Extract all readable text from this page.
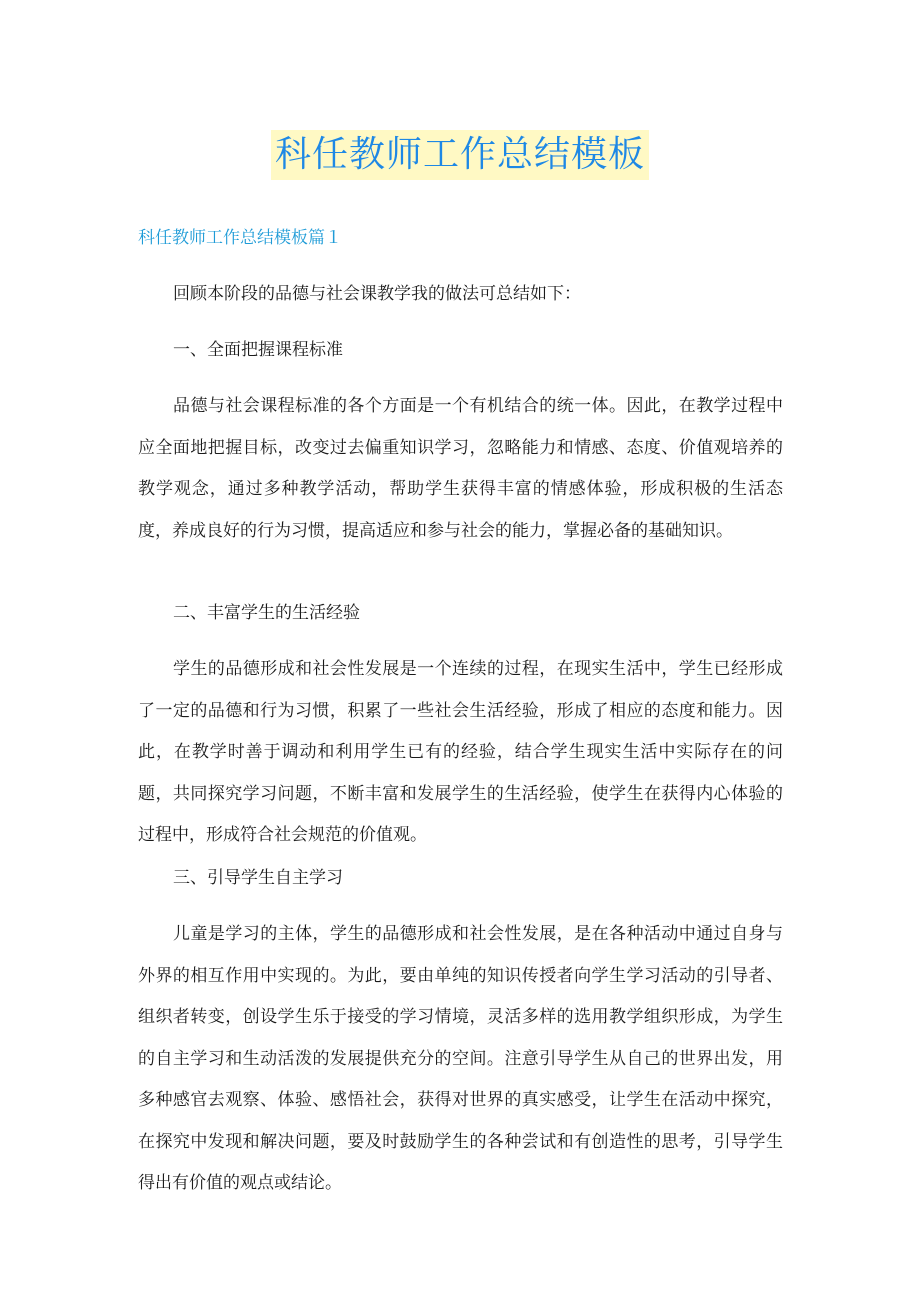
科任教师工作总结模板
科任教师工作总结模板篇１
回顾本阶段的品德与社会课教学我的做法可总结如下：
一、全面把握课程标准
品德与社会课程标准的各个方面是一个有机结合的统一体。因此，在教学过程中应全面地把握目标，改变过去偏重知识学习，忽略能力和情感、态度、价值观培养的教学观念，通过多种教学活动，帮助学生获得丰富的情感体验，形成积极的生活态度，养成良好的行为习惯，提高适应和参与社会的能力，掌握必备的基础知识。
二、丰富学生的生活经验
学生的品德形成和社会性发展是一个连续的过程，在现实生活中，学生已经形成了一定的品德和行为习惯，积累了一些社会生活经验，形成了相应的态度和能力。因此，在教学时善于调动和利用学生已有的经验，结合学生现实生活中实际存在的问题，共同探究学习问题，不断丰富和发展学生的生活经验，使学生在获得内心体验的过程中，形成符合社会规范的价值观。
三、引导学生自主学习
儿童是学习的主体，学生的品德形成和社会性发展，是在各种活动中通过自身与外界的相互作用中实现的。为此，要由单纯的知识传授者向学生学习活动的引导者、组织者转变，创设学生乐于接受的学习情境，灵活多样的选用教学组织形成，为学生的自主学习和生动活泼的发展提供充分的空间。注意引导学生从自己的世界出发，用多种感官去观察、体验、感悟社会，获得对世界的真实感受，让学生在活动中探究，在探究中发现和解决问题，要及时鼓励学生的各种尝试和有创造性的思考，引导学生得出有价值的观点或结论。
